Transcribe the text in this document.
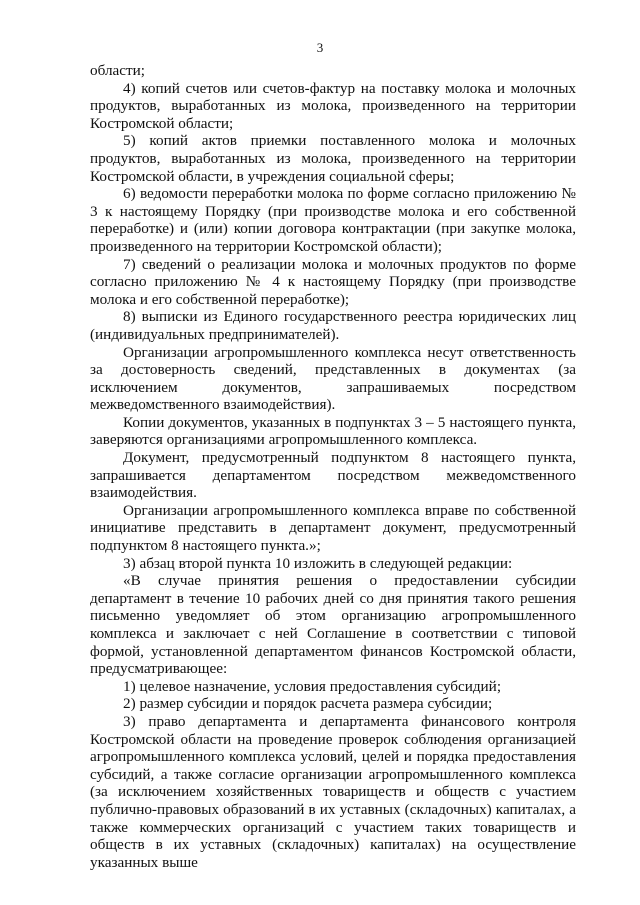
3

области;

4) копий счетов или счетов-фактур на поставку молока и молочных продуктов, выработанных из молока, произведенного на территории Костромской области;

5) копий актов приемки поставленного молока и молочных продуктов, выработанных из молока, произведенного на территории Костромской области, в учреждения социальной сферы;

6) ведомости переработки молока по форме согласно приложению № 3 к настоящему Порядку (при производстве молока и его собственной переработке) и (или) копии договора контрактации (при закупке молока, произведенного на территории Костромской области);

7) сведений о реализации молока и молочных продуктов по форме согласно приложению № 4 к настоящему Порядку (при производстве молока и его собственной переработке);

8) выписки из Единого государственного реестра юридических лиц (индивидуальных предпринимателей).

Организации агропромышленного комплекса несут ответственность за достоверность сведений, представленных в документах (за исключением документов, запрашиваемых посредством межведомственного взаимодействия).

Копии документов, указанных в подпунктах 3 – 5 настоящего пункта, заверяются организациями агропромышленного комплекса.

Документ, предусмотренный подпунктом 8 настоящего пункта, запрашивается департаментом посредством межведомственного взаимодействия.

Организации агропромышленного комплекса вправе по собственной инициативе представить в департамент документ, предусмотренный подпунктом 8 настоящего пункта.»;

3) абзац второй пункта 10 изложить в следующей редакции:

«В случае принятия решения о предоставлении субсидии департамент в течение 10 рабочих дней со дня принятия такого решения письменно уведомляет об этом организацию агропромышленного комплекса и заключает с ней Соглашение в соответствии с типовой формой, установленной департаментом финансов Костромской области, предусматривающее:

1) целевое назначение, условия предоставления субсидий;

2) размер субсидии и порядок расчета размера субсидии;

3) право департамента и департамента финансового контроля Костромской области на проведение проверок соблюдения организацией агропромышленного комплекса условий, целей и порядка предоставления субсидий, а также согласие организации агропромышленного комплекса (за исключением хозяйственных товариществ и обществ с участием публично-правовых образований в их уставных (складочных) капиталах, а также коммерческих организаций с участием таких товариществ и обществ в их уставных (складочных) капиталах) на осуществление указанных выше
